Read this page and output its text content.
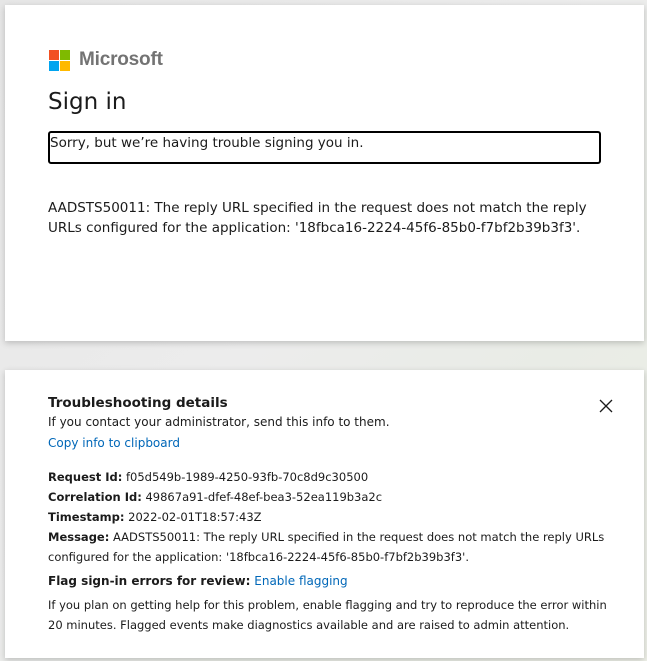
Microsoft
Sign in
Sorry, but we’re having trouble signing you in.
AADSTS50011: The reply URL specified in the request does not match the reply URLs configured for the application: '18fbca16-2224-45f6-85b0-f7bf2b39b3f3'.
Troubleshooting details
If you contact your administrator, send this info to them.
Copy info to clipboard
Request Id: f05d549b-1989-4250-93fb-70c8d9c30500
Correlation Id: 49867a91-dfef-48ef-bea3-52ea119b3a2c
Timestamp: 2022-02-01T18:57:43Z
Message: AADSTS50011: The reply URL specified in the request does not match the reply URLs configured for the application: '18fbca16-2224-45f6-85b0-f7bf2b39b3f3'.
Flag sign-in errors for review: Enable flagging
If you plan on getting help for this problem, enable flagging and try to reproduce the error within 20 minutes. Flagged events make diagnostics available and are raised to admin attention.
